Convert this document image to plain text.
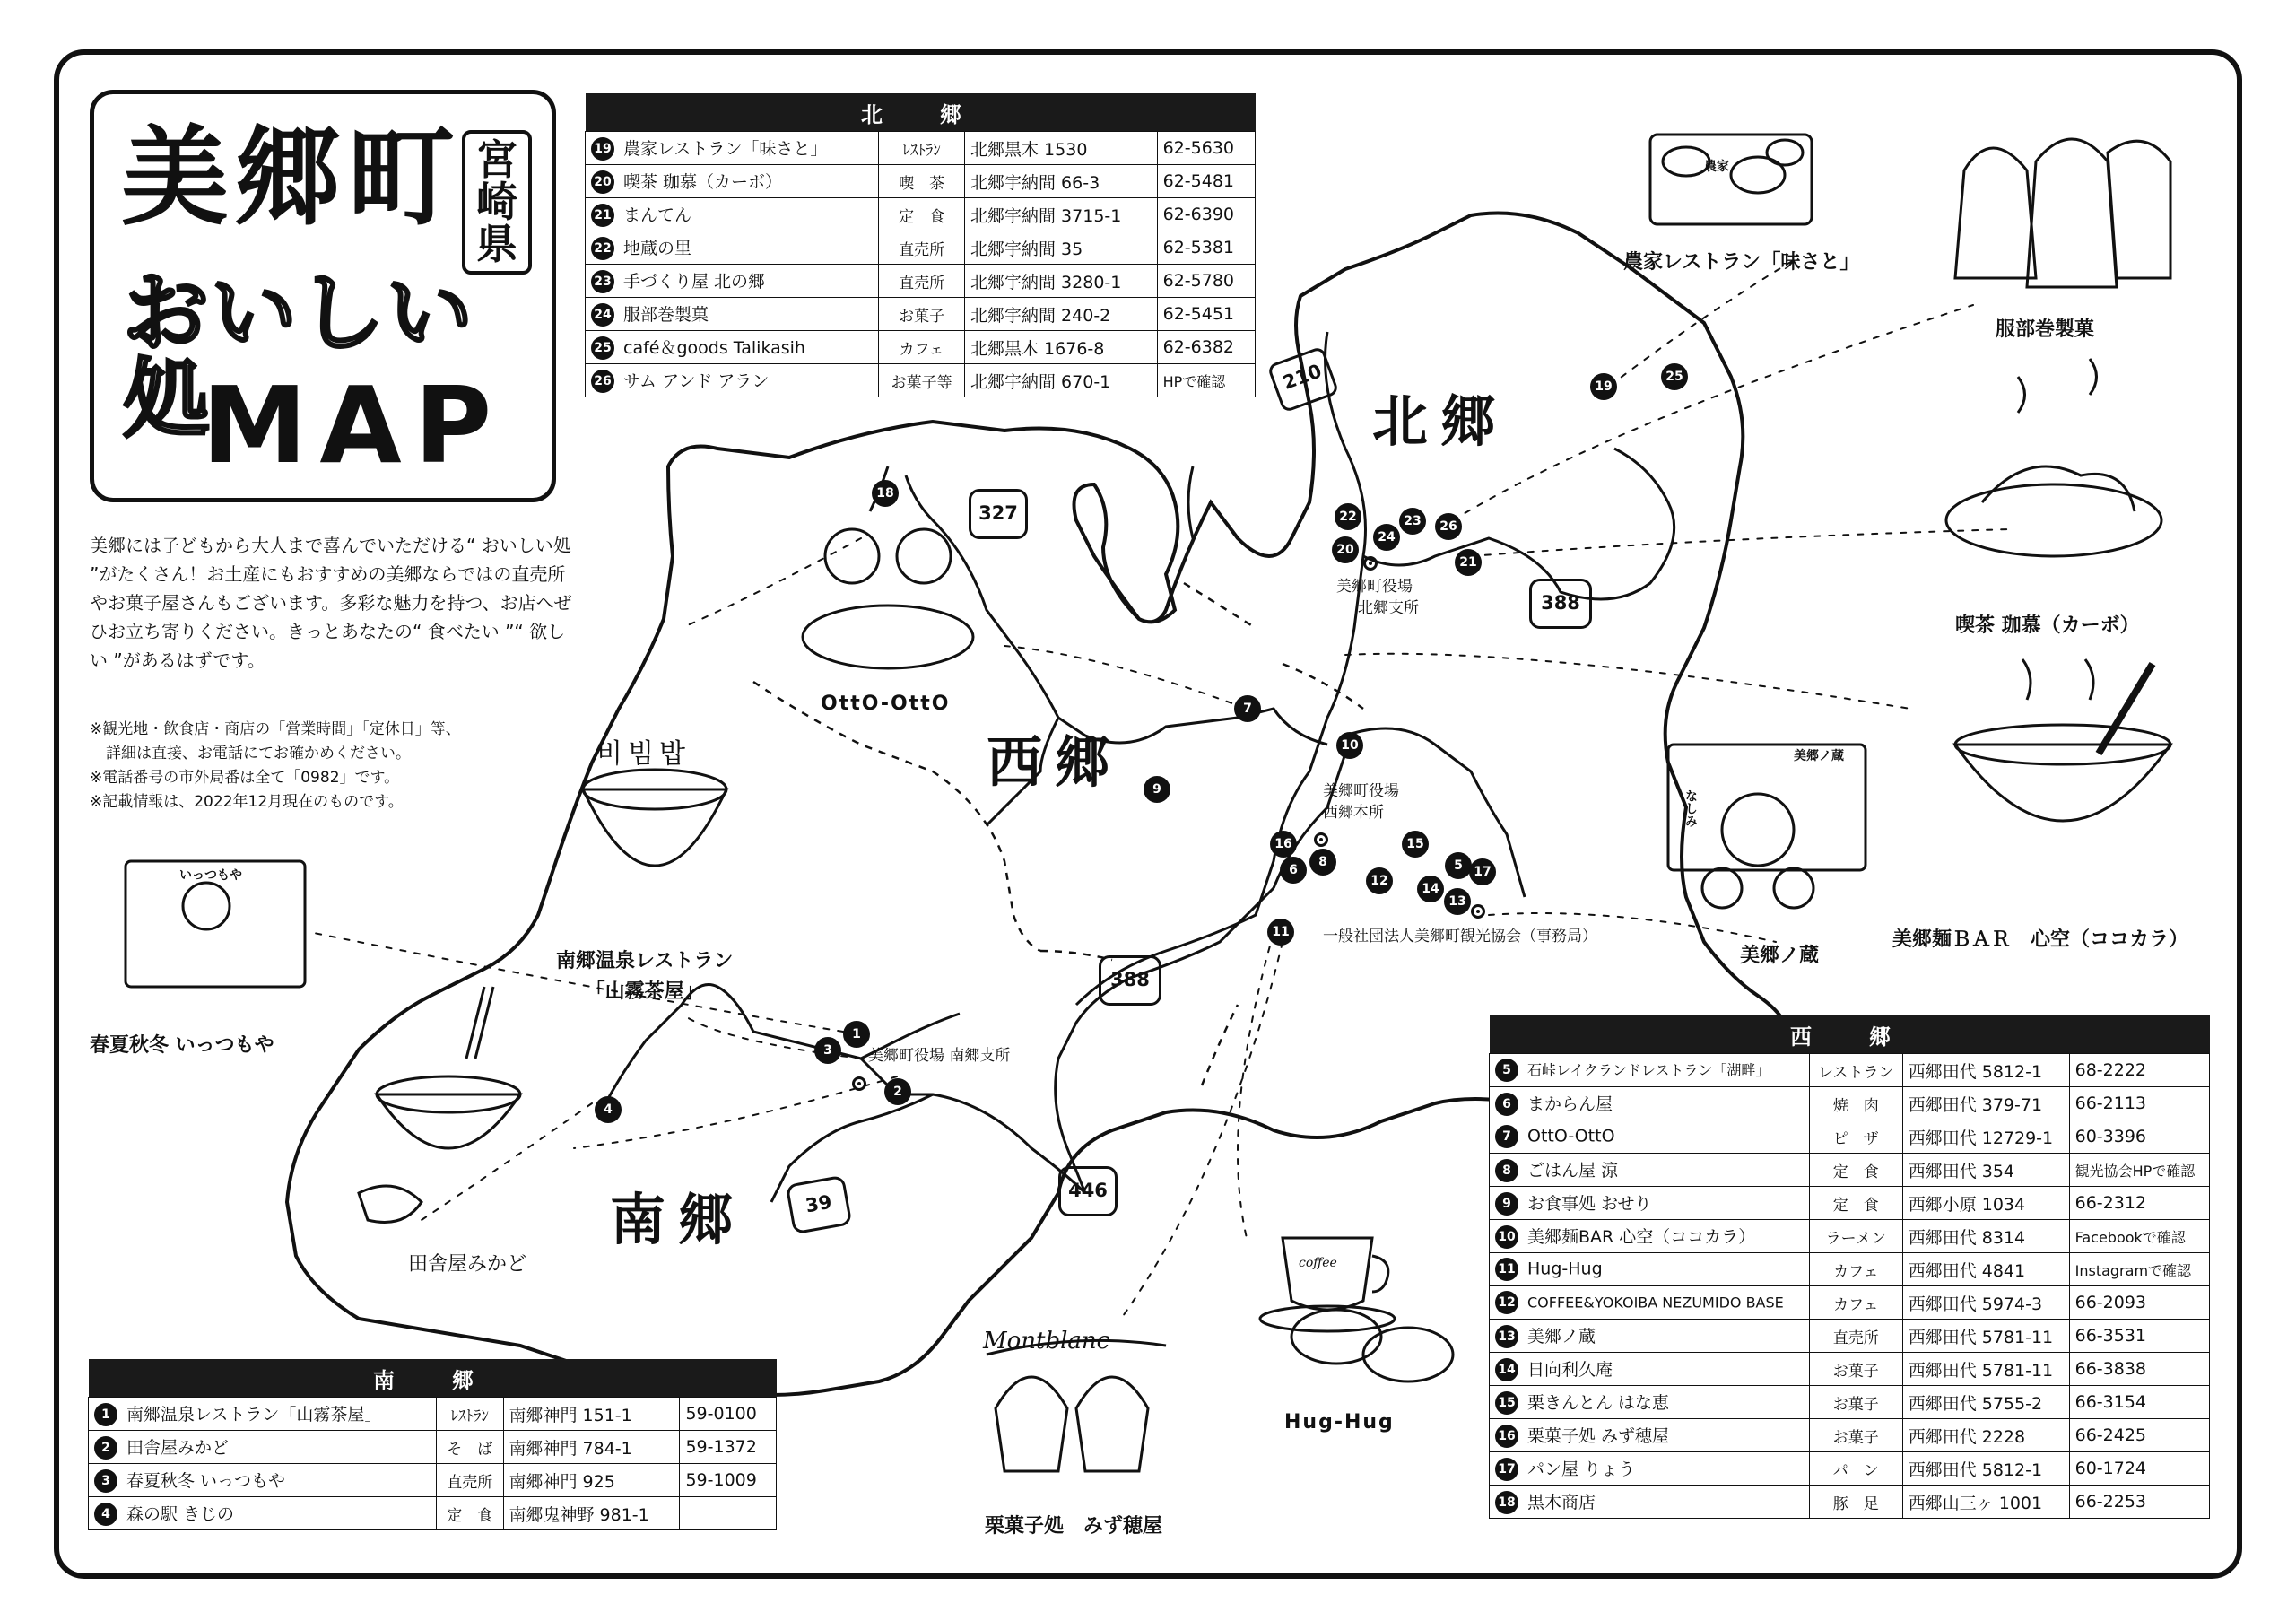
北郷
西郷
南郷
210
327
388
388
446
39
美郷町役場
北郷支所
美郷町役場
西郷本所
一般社団法人美郷町観光協会（事務局）
美郷町役場 南郷支所
1
2
3
4
5
6
7
8
9
10
11
12
13
14
15
16
17
18
19
20
21
22	23
24
25
26
農家レストラン「味さと」
服部巻製菓
喫茶 珈慕（カーボ）
美郷麺ＢＡＲ　心空（ココカラ）
美郷ノ蔵
OttO-OttO
南郷温泉レストラン
「山霧茶屋」
春夏秋冬 いっつもや
田舎屋みかど
栗菓子処　みず穂屋
Hug-Hug
비빔밥
Montblanc
coffee
農家
美郷ノ蔵
なしみ
いっつもや
美郷町 宮崎県
おいしい処
MAP
美郷には子どもから大人まで喜んでいただける“ おいしい処 ”がたくさん！お土産にもおすすめの美郷ならではの直売所やお菓子屋さんもございます。多彩な魅力を持つ、お店へぜひお立ち寄りください。きっとあなたの“ 食べたい ”“ 欲しい ”があるはずです。
※観光地・飲食店・商店の「営業時間」「定休日」等、
詳細は直接、お電話にてお確かめください。
※電話番号の市外局番は全て「0982」です。
※記載情報は、2022年12月現在のものです。
北　郷			
19 農家レストラン「味さと」	ﾚｽﾄﾗﾝ	北郷黒木 1530	62-5630
20 喫茶 珈慕（カーボ）	喫　茶	北郷宇納間 66-3	62-5481
21 まんてん	定　食	北郷宇納間 3715-1	62-6390
22 地蔵の里	直売所	北郷宇納間 35	62-5381
23 手づくり屋 北の郷	直売所	北郷宇納間 3280-1	62-5780
24 服部巻製菓	お菓子	北郷宇納間 240-2	62-5451
25 café＆goods Talikasih	カフェ	北郷黒木 1676-8	62-6382
26 サム アンド アラン	お菓子等	北郷宇納間 670-1	HPで確認
南　郷			
1 南郷温泉レストラン「山霧茶屋」	ﾚｽﾄﾗﾝ	南郷神門 151-1	59-0100
2 田舎屋みかど	そ　ば	南郷神門 784-1	59-1372
3 春夏秋冬 いっつもや	直売所	南郷神門 925	59-1009
4 森の駅 きじの	定　食	南郷鬼神野 981-1	
西　郷			
5 石峠レイクランドレストラン「湖畔」	レストラン	西郷田代 5812-1	68-2222
6 まからん屋	焼　肉	西郷田代 379-71	66-2113
7 OttO-OttO	ピ　ザ	西郷田代 12729-1	60-3396
8 ごはん屋 涼	定　食	西郷田代 354	観光協会HPで確認
9 お食事処 おせり	定　食	西郷小原 1034	66-2312
10 美郷麺BAR 心空（ココカラ）	ラーメン	西郷田代 8314	Facebookで確認
11 Hug-Hug	カフェ	西郷田代 4841	Instagramで確認
12 COFFEE&YOKOIBA NEZUMIDO BASE	カフェ	西郷田代 5974-3	66-2093
13 美郷ノ蔵	直売所	西郷田代 5781-11	66-3531
14 日向利久庵	お菓子	西郷田代 5781-11	66-3838
15 栗きんとん はな恵	お菓子	西郷田代 5755-2	66-3154
16 栗菓子処 みず穂屋	お菓子	西郷田代 2228	66-2425
17 パン屋 りょう	パ　ン	西郷田代 5812-1	60-1724
18 黒木商店	豚　足	西郷山三ヶ 1001	66-2253
